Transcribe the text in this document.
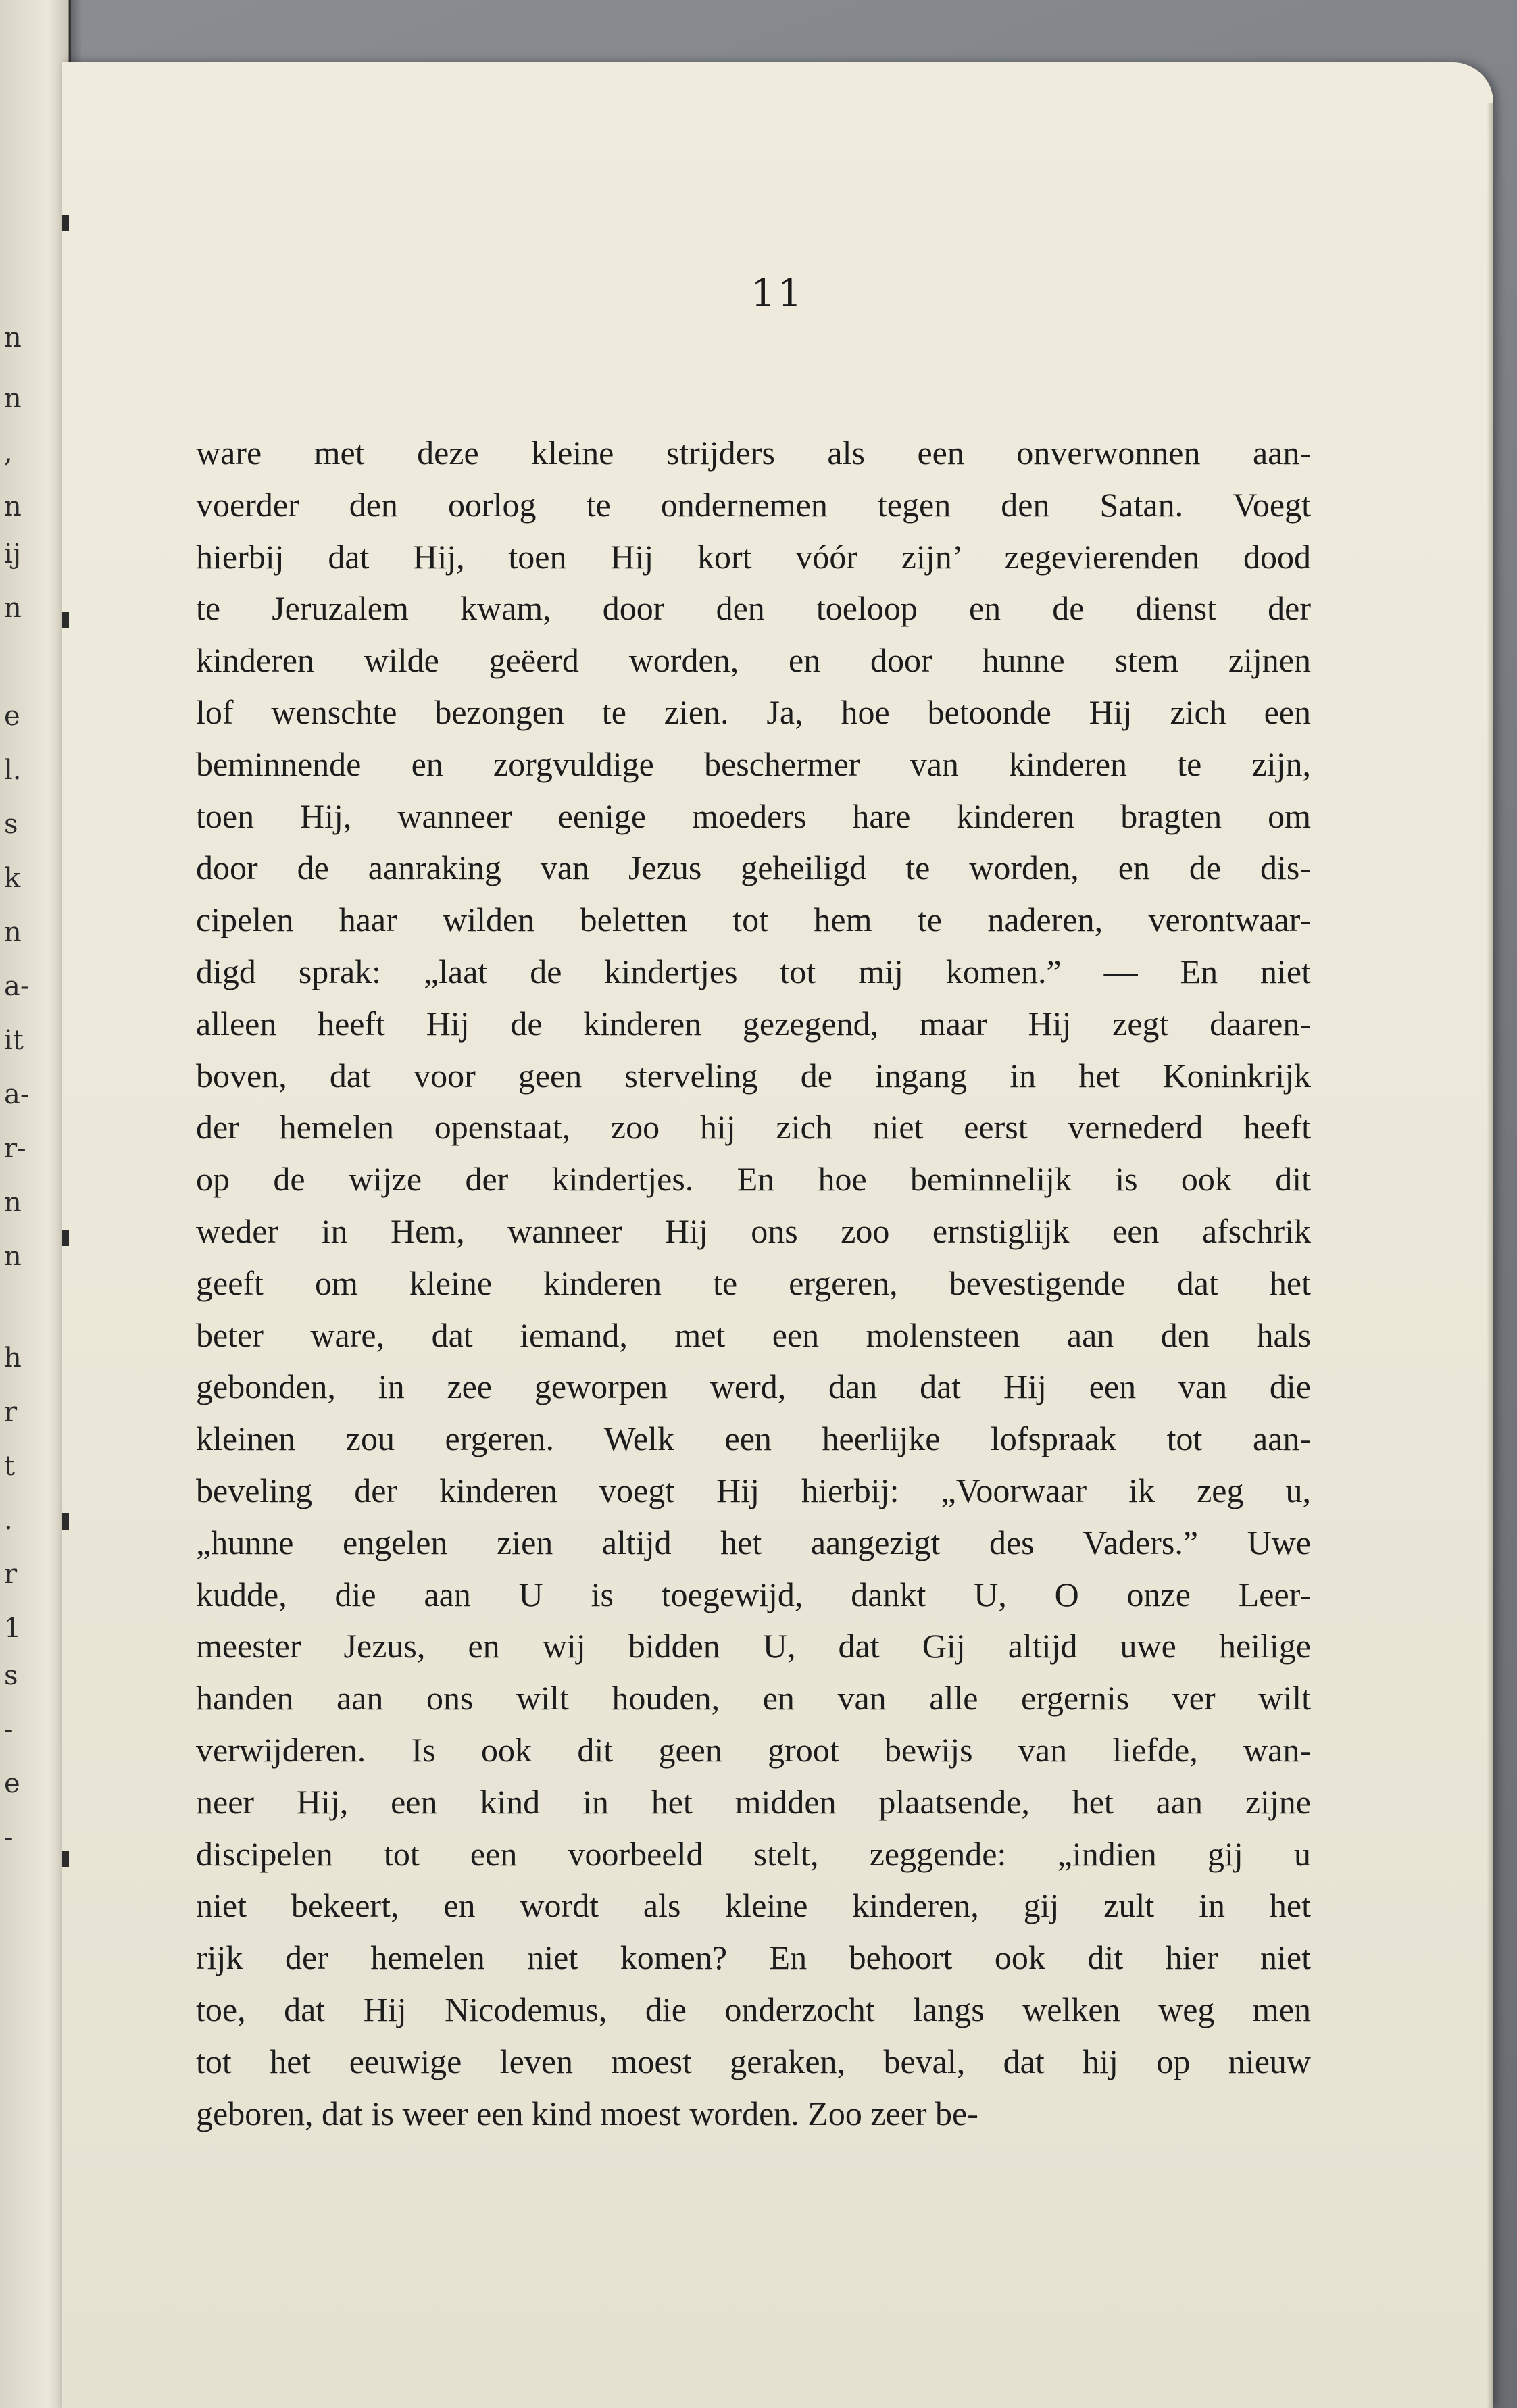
n
n
,
n
ij
n
e
l.
s
k
n
a-
it
a-
r-
n
n
h
r
t
.
r
1
s
-
e
-
11
ware met deze kleine strijders als een onverwonnen aan-
voerder den oorlog te ondernemen tegen den Satan. Voegt
hierbij dat Hij, toen Hij kort vóór zijn’ zegevierenden dood
te Jeruzalem kwam, door den toeloop en de dienst der
kinderen wilde geëerd worden, en door hunne stem zijnen
lof wenschte bezongen te zien. Ja, hoe betoonde Hij zich een
beminnende en zorgvuldige beschermer van kinderen te zijn,
toen Hij, wanneer eenige moeders hare kinderen bragten om
door de aanraking van Jezus geheiligd te worden, en de dis-
cipelen haar wilden beletten tot hem te naderen, verontwaar-
digd sprak: „laat de kindertjes tot mij komen.” — En niet
alleen heeft Hij de kinderen gezegend, maar Hij zegt daaren-
boven, dat voor geen sterveling de ingang in het Koninkrijk
der hemelen openstaat, zoo hij zich niet eerst vernederd heeft
op de wijze der kindertjes. En hoe beminnelijk is ook dit
weder in Hem, wanneer Hij ons zoo ernstiglijk een afschrik
geeft om kleine kinderen te ergeren, bevestigende dat het
beter ware, dat iemand, met een molensteen aan den hals
gebonden, in zee geworpen werd, dan dat Hij een van die
kleinen zou ergeren. Welk een heerlijke lofspraak tot aan-
beveling der kinderen voegt Hij hierbij: „Voorwaar ik zeg u,
„hunne engelen zien altijd het aangezigt des Vaders.” Uwe
kudde, die aan U is toegewijd, dankt U, O onze Leer-
meester Jezus, en wij bidden U, dat Gij altijd uwe heilige
handen aan ons wilt houden, en van alle ergernis ver wilt
verwijderen. Is ook dit geen groot bewijs van liefde, wan-
neer Hij, een kind in het midden plaatsende, het aan zijne
discipelen tot een voorbeeld stelt, zeggende: „indien gij u
niet bekeert, en wordt als kleine kinderen, gij zult in het
rijk der hemelen niet komen? En behoort ook dit hier niet
toe, dat Hij Nicodemus, die onderzocht langs welken weg men
tot het eeuwige leven moest geraken, beval, dat hij op nieuw
geboren, dat is weer een kind moest worden. Zoo zeer be-
